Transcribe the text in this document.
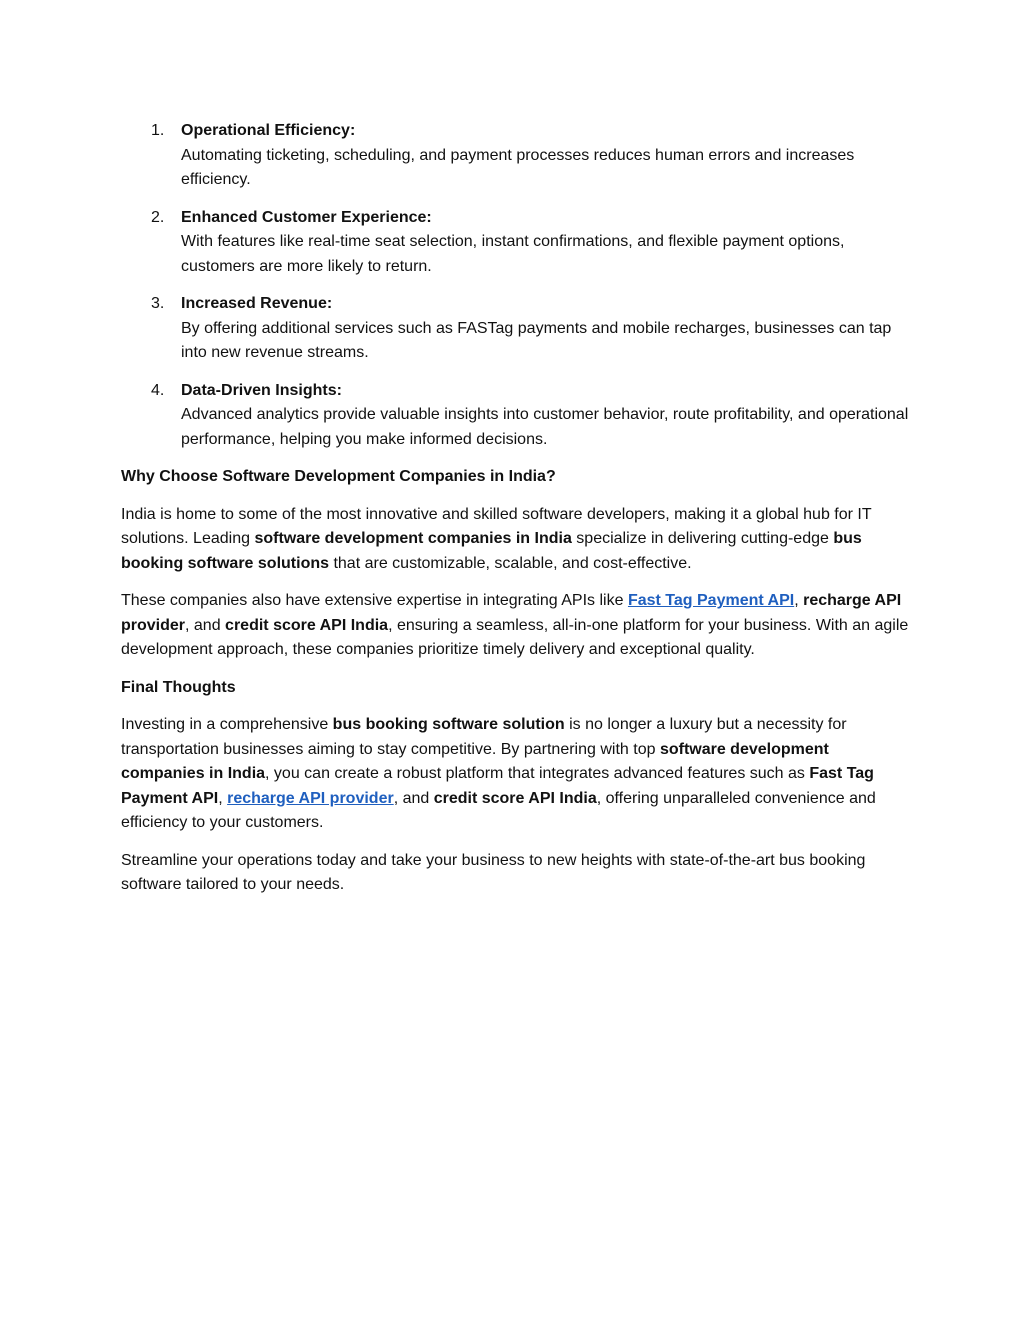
1. Operational Efficiency:
Automating ticketing, scheduling, and payment processes reduces human errors and increases efficiency.
2. Enhanced Customer Experience:
With features like real-time seat selection, instant confirmations, and flexible payment options, customers are more likely to return.
3. Increased Revenue:
By offering additional services such as FASTag payments and mobile recharges, businesses can tap into new revenue streams.
4. Data-Driven Insights:
Advanced analytics provide valuable insights into customer behavior, route profitability, and operational performance, helping you make informed decisions.

Why Choose Software Development Companies in India?

India is home to some of the most innovative and skilled software developers, making it a global hub for IT solutions. Leading software development companies in India specialize in delivering cutting-edge bus booking software solutions that are customizable, scalable, and cost-effective.

These companies also have extensive expertise in integrating APIs like Fast Tag Payment API, recharge API provider, and credit score API India, ensuring a seamless, all-in-one platform for your business. With an agile development approach, these companies prioritize timely delivery and exceptional quality.

Final Thoughts

Investing in a comprehensive bus booking software solution is no longer a luxury but a necessity for transportation businesses aiming to stay competitive. By partnering with top software development companies in India, you can create a robust platform that integrates advanced features such as Fast Tag Payment API, recharge API provider, and credit score API India, offering unparalleled convenience and efficiency to your customers.

Streamline your operations today and take your business to new heights with state-of-the-art bus booking software tailored to your needs.
